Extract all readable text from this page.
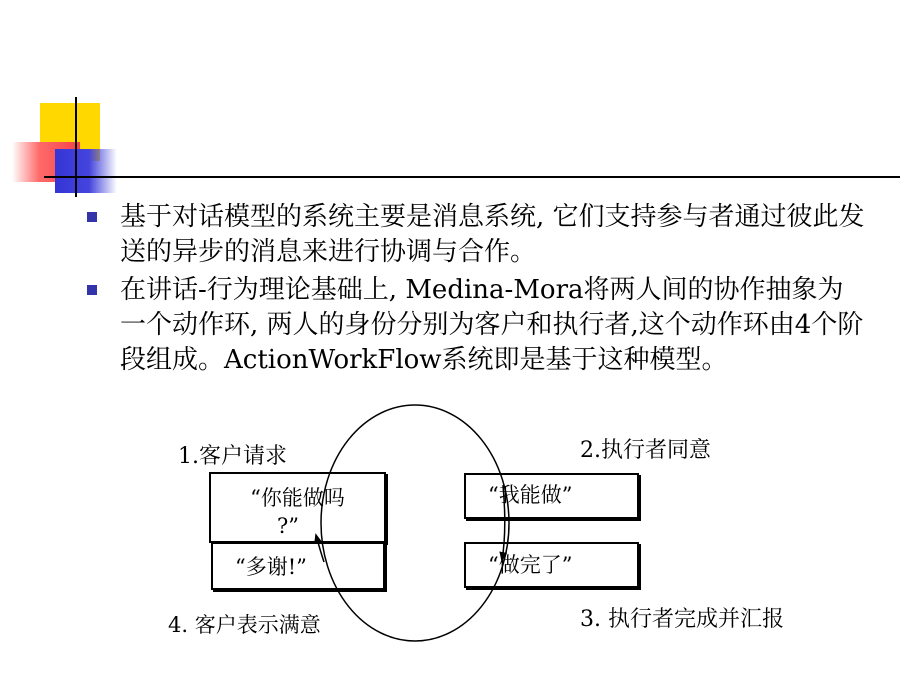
基于对话模型的系统主要是消息系统, 它们支持参与者通过彼此发送的异步的消息来进行协调与合作。
在讲话-行为理论基础上, Medina-Mora将两人间的协作抽象为一个动作环, 两人的身份分别为客户和执行者,这个动作环由4个阶段组成。ActionWorkFlow系统即是基于这种模型。
1.客户请求	2.执行者同意
3. 执行者完成并汇报
4. 客户表示满意
“你能做吗
?”
“我能做”
“多谢!”	“做完了”
